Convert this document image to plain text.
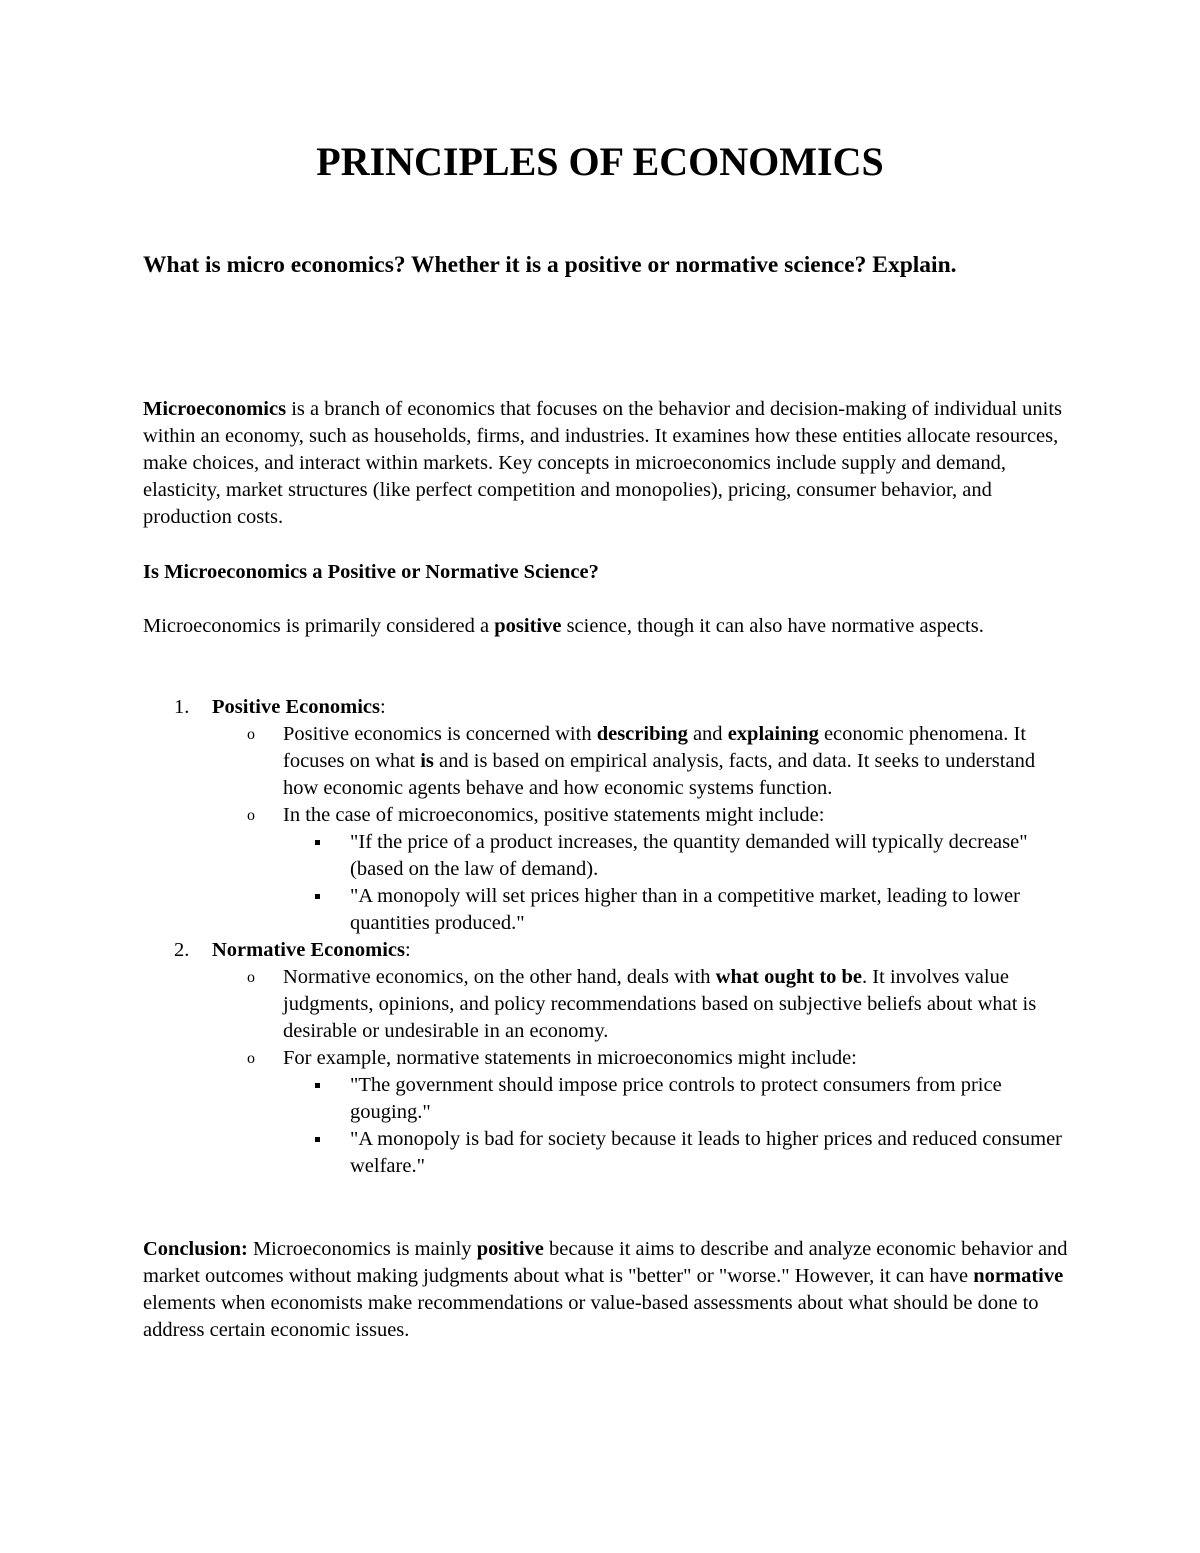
PRINCIPLES OF ECONOMICS
What is micro economics? Whether it is a positive or normative science? Explain.

Microeconomics is a branch of economics that focuses on the behavior and decision-making of individual units within an economy, such as households, firms, and industries. It examines how these entities allocate resources, make choices, and interact within markets. Key concepts in microeconomics include supply and demand, elasticity, market structures (like perfect competition and monopolies), pricing, consumer behavior, and production costs.

Is Microeconomics a Positive or Normative Science?

Microeconomics is primarily considered a positive science, though it can also have normative aspects.

1. Positive Economics:
o Positive economics is concerned with describing and explaining economic phenomena. It focuses on what is and is based on empirical analysis, facts, and data. It seeks to understand how economic agents behave and how economic systems function.
o In the case of microeconomics, positive statements might include:
"If the price of a product increases, the quantity demanded will typically decrease" (based on the law of demand).
"A monopoly will set prices higher than in a competitive market, leading to lower quantities produced."
2. Normative Economics:
o Normative economics, on the other hand, deals with what ought to be. It involves value judgments, opinions, and policy recommendations based on subjective beliefs about what is desirable or undesirable in an economy.
o For example, normative statements in microeconomics might include:
"The government should impose price controls to protect consumers from price gouging."
"A monopoly is bad for society because it leads to higher prices and reduced consumer welfare."

Conclusion: Microeconomics is mainly positive because it aims to describe and analyze economic behavior and market outcomes without making judgments about what is "better" or "worse." However, it can have normative elements when economists make recommendations or value-based assessments about what should be done to address certain economic issues.
